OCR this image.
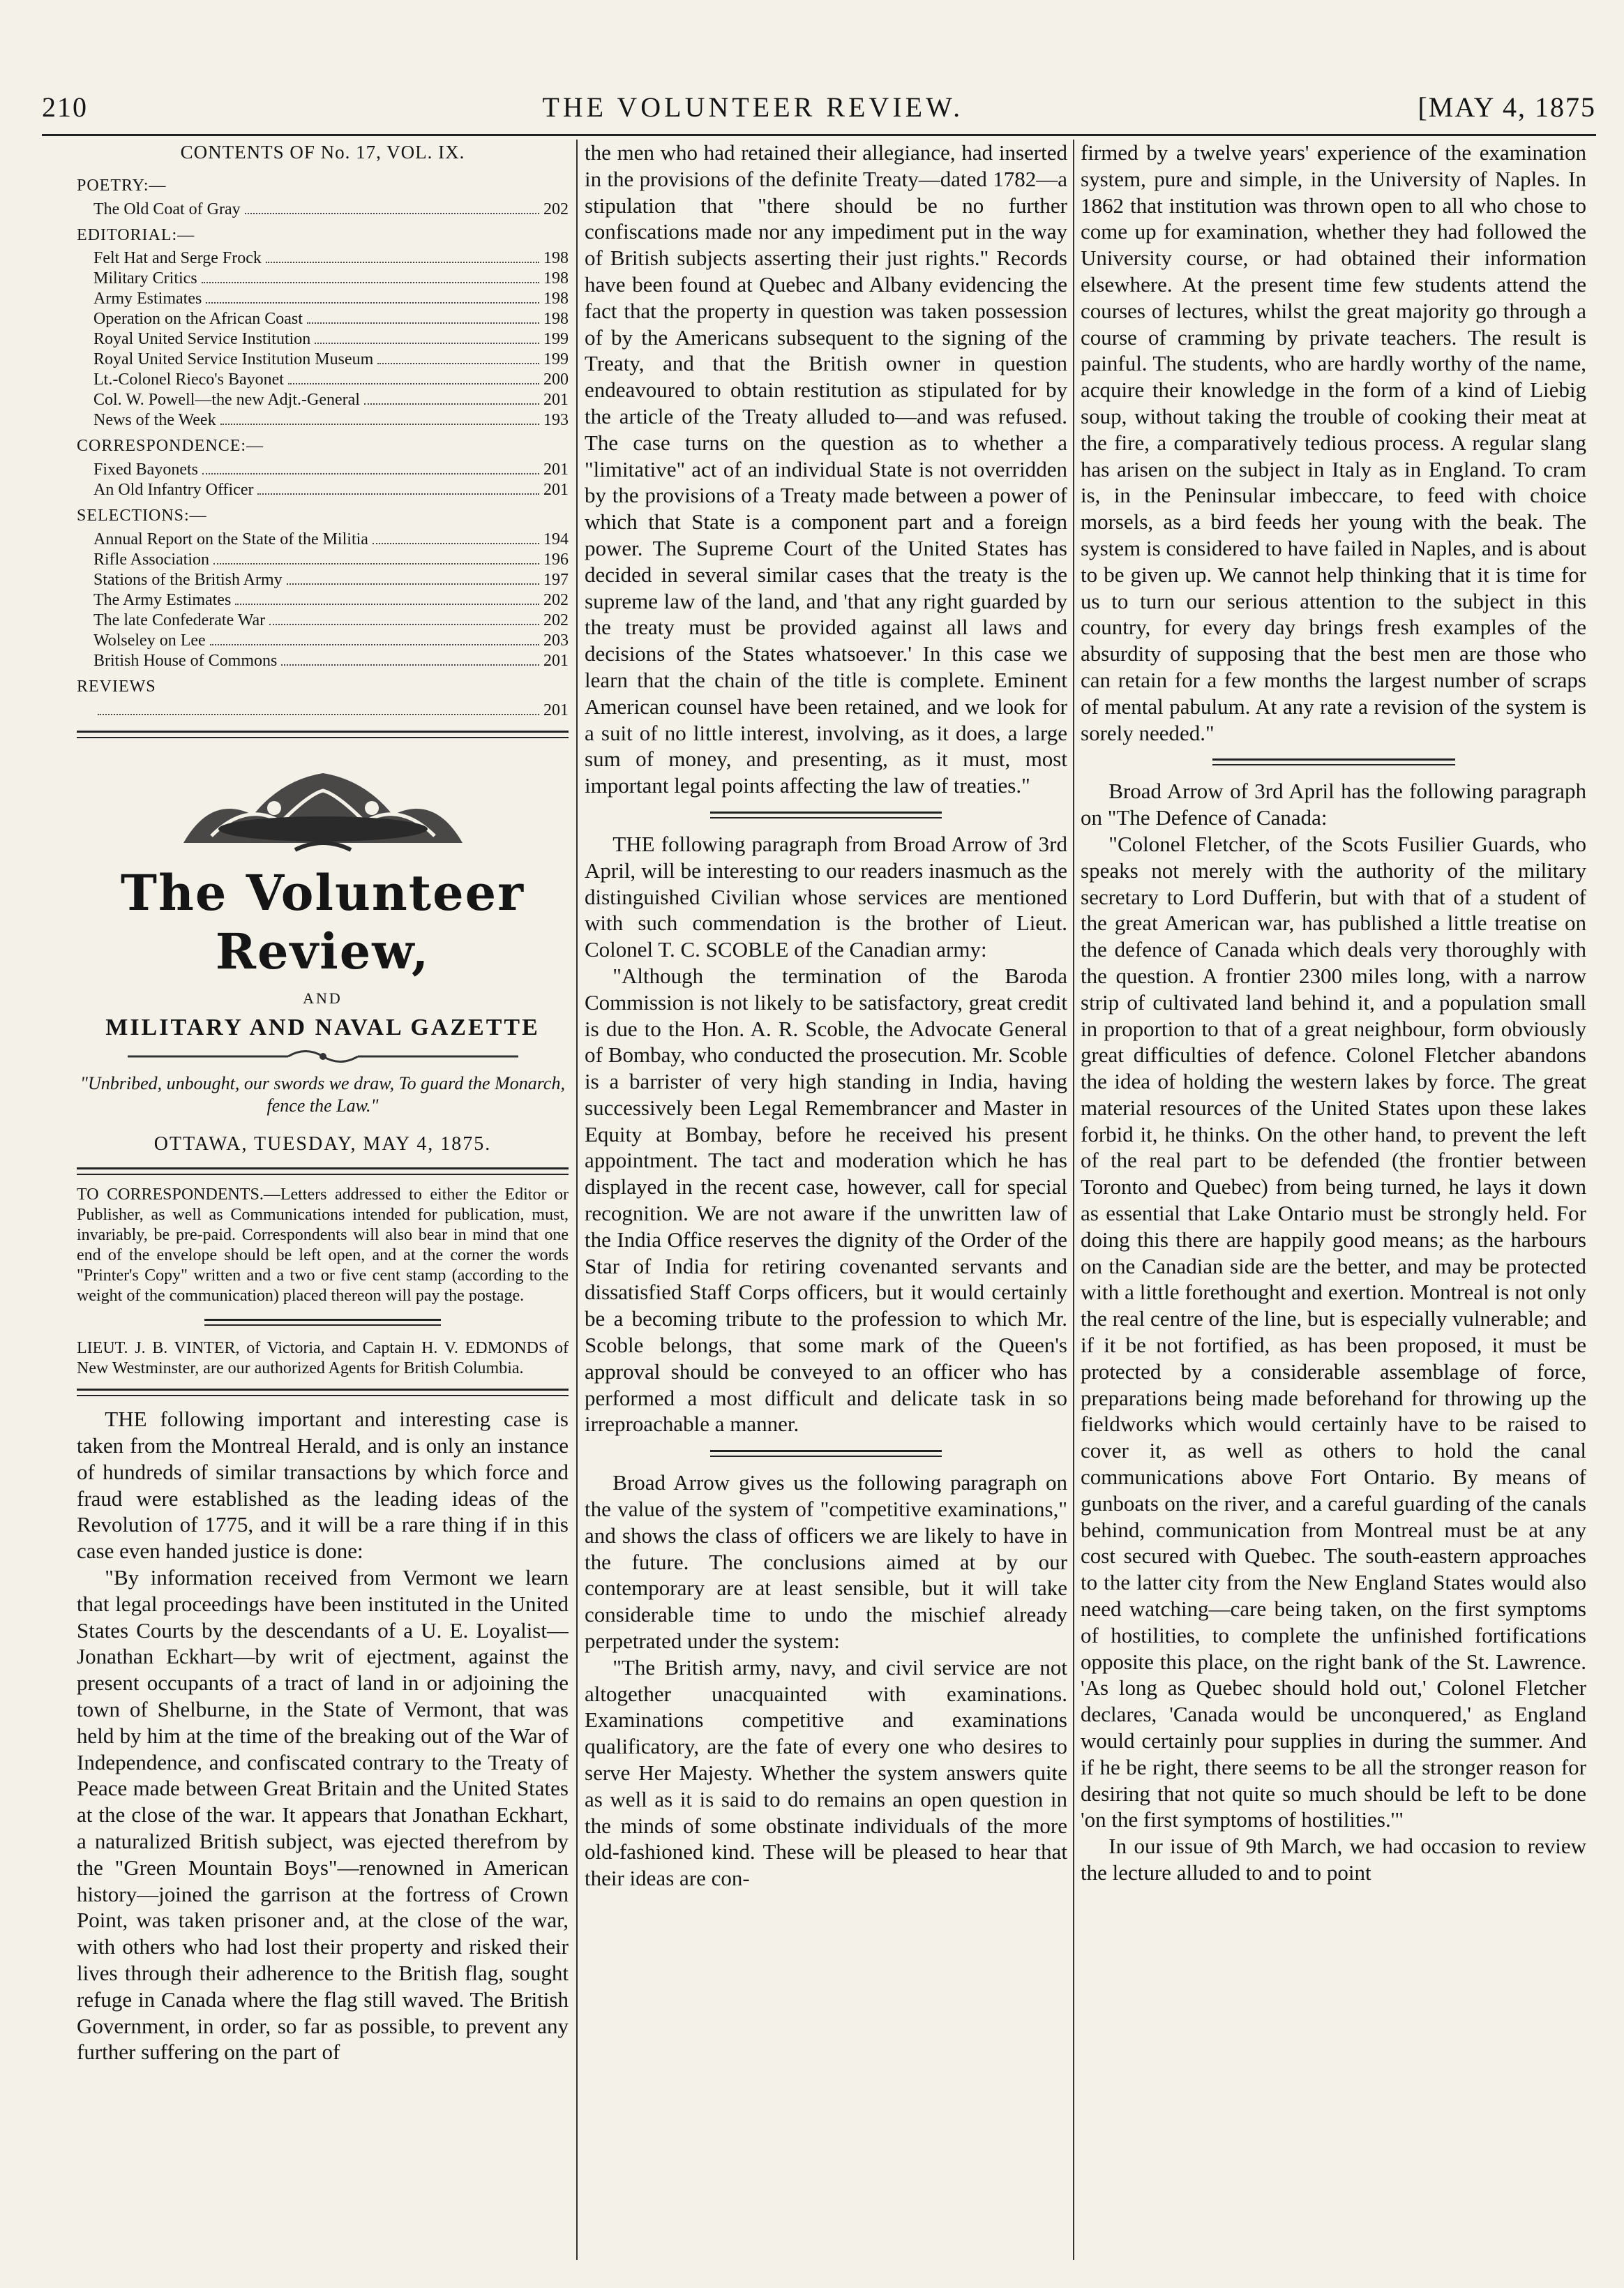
210	THE VOLUNTEER REVIEW.	[MAY 4, 1875
CONTENTS OF No. 17, VOL. IX.
POETRY:—
The Old Coat of Gray	202
EDITORIAL:—
Felt Hat and Serge Frock	198
Military Critics	198
Army Estimates	198
Operation on the African Coast	198
Royal United Service Institution	199
Royal United Service Institution Museum	199
Lt.-Colonel Rieco's Bayonet	200
Col. W. Powell—the new Adjt.-General	201
News of the Week	193
CORRESPONDENCE:—
Fixed Bayonets	201
An Old Infantry Officer	201
SELECTIONS:—
Annual Report on the State of the Militia	194
Rifle Association	196
Stations of the British Army	197
The Army Estimates	202
The late Confederate War	202
Wolseley on Lee	203
British House of Commons	201
REVIEWS
201
The Volunteer Review,
AND
MILITARY AND NAVAL GAZETTE
"Unbribed, unbought, our swords we draw, To guard the Monarch, fence the Law."
OTTAWA, TUESDAY, MAY 4, 1875.

TO CORRESPONDENTS.—Letters addressed to either the Editor or Publisher, as well as Communications intended for publication, must, invariably, be pre-paid. Correspondents will also bear in mind that one end of the envelope should be left open, and at the corner the words "Printer's Copy" written and a two or five cent stamp (according to the weight of the communication) placed thereon will pay the postage.

LIEUT. J. B. VINTER, of Victoria, and Captain H. V. EDMONDS of New Westminster, are our authorized Agents for British Columbia.

THE following important and interesting case is taken from the Montreal Herald, and is only an instance of hundreds of similar transactions by which force and fraud were established as the leading ideas of the Revolution of 1775, and it will be a rare thing if in this case even handed justice is done:

"By information received from Vermont we learn that legal proceedings have been instituted in the United States Courts by the descendants of a U. E. Loyalist—Jonathan Eckhart—by writ of ejectment, against the present occupants of a tract of land in or adjoining the town of Shelburne, in the State of Vermont, that was held by him at the time of the breaking out of the War of Independence, and confiscated contrary to the Treaty of Peace made between Great Britain and the United States at the close of the war. It appears that Jonathan Eckhart, a naturalized British subject, was ejected therefrom by the "Green Mountain Boys"—renowned in American history—joined the garrison at the fortress of Crown Point, was taken prisoner and, at the close of the war, with others who had lost their property and risked their lives through their adherence to the British flag, sought refuge in Canada where the flag still waved. The British Government, in order, so far as possible, to prevent any further suffering on the part of

the men who had retained their allegiance, had inserted in the provisions of the definite Treaty—dated 1782—a stipulation that "there should be no further confiscations made nor any impediment put in the way of British subjects asserting their just rights." Records have been found at Quebec and Albany evidencing the fact that the property in question was taken possession of by the Americans subsequent to the signing of the Treaty, and that the British owner in question endeavoured to obtain restitution as stipulated for by the article of the Treaty alluded to—and was refused. The case turns on the question as to whether a "limitative" act of an individual State is not overridden by the provisions of a Treaty made between a power of which that State is a component part and a foreign power. The Supreme Court of the United States has decided in several similar cases that the treaty is the supreme law of the land, and 'that any right guarded by the treaty must be provided against all laws and decisions of the States whatsoever.' In this case we learn that the chain of the title is complete. Eminent American counsel have been retained, and we look for a suit of no little interest, involving, as it does, a large sum of money, and presenting, as it must, most important legal points affecting the law of treaties."

THE following paragraph from Broad Arrow of 3rd April, will be interesting to our readers inasmuch as the distinguished Civilian whose services are mentioned with such commendation is the brother of Lieut. Colonel T. C. SCOBLE of the Canadian army:

"Although the termination of the Baroda Commission is not likely to be satisfactory, great credit is due to the Hon. A. R. Scoble, the Advocate General of Bombay, who conducted the prosecution. Mr. Scoble is a barrister of very high standing in India, having successively been Legal Remembrancer and Master in Equity at Bombay, before he received his present appointment. The tact and moderation which he has displayed in the recent case, however, call for special recognition. We are not aware if the unwritten law of the India Office reserves the dignity of the Order of the Star of India for retiring covenanted servants and dissatisfied Staff Corps officers, but it would certainly be a becoming tribute to the profession to which Mr. Scoble belongs, that some mark of the Queen's approval should be conveyed to an officer who has performed a most difficult and delicate task in so irreproachable a manner.

Broad Arrow gives us the following paragraph on the value of the system of "competitive examinations," and shows the class of officers we are likely to have in the future. The conclusions aimed at by our contemporary are at least sensible, but it will take considerable time to undo the mischief already perpetrated under the system:

"The British army, navy, and civil service are not altogether unacquainted with examinations. Examinations competitive and examinations qualificatory, are the fate of every one who desires to serve Her Majesty. Whether the system answers quite as well as it is said to do remains an open question in the minds of some obstinate individuals of the more old-fashioned kind. These will be pleased to hear that their ideas are con-

firmed by a twelve years' experience of the examination system, pure and simple, in the University of Naples. In 1862 that institution was thrown open to all who chose to come up for examination, whether they had followed the University course, or had obtained their information elsewhere. At the present time few students attend the courses of lectures, whilst the great majority go through a course of cramming by private teachers. The result is painful. The students, who are hardly worthy of the name, acquire their knowledge in the form of a kind of Liebig soup, without taking the trouble of cooking their meat at the fire, a comparatively tedious process. A regular slang has arisen on the subject in Italy as in England. To cram is, in the Peninsular imbeccare, to feed with choice morsels, as a bird feeds her young with the beak. The system is considered to have failed in Naples, and is about to be given up. We cannot help thinking that it is time for us to turn our serious attention to the subject in this country, for every day brings fresh examples of the absurdity of supposing that the best men are those who can retain for a few months the largest number of scraps of mental pabulum. At any rate a revision of the system is sorely needed."

Broad Arrow of 3rd April has the following paragraph on "The Defence of Canada:

"Colonel Fletcher, of the Scots Fusilier Guards, who speaks not merely with the authority of the military secretary to Lord Dufferin, but with that of a student of the great American war, has published a little treatise on the defence of Canada which deals very thoroughly with the question. A frontier 2300 miles long, with a narrow strip of cultivated land behind it, and a population small in proportion to that of a great neighbour, form obviously great difficulties of defence. Colonel Fletcher abandons the idea of holding the western lakes by force. The great material resources of the United States upon these lakes forbid it, he thinks. On the other hand, to prevent the left of the real part to be defended (the frontier between Toronto and Quebec) from being turned, he lays it down as essential that Lake Ontario must be strongly held. For doing this there are happily good means; as the harbours on the Canadian side are the better, and may be protected with a little forethought and exertion. Montreal is not only the real centre of the line, but is especially vulnerable; and if it be not fortified, as has been proposed, it must be protected by a considerable assemblage of force, preparations being made beforehand for throwing up the fieldworks which would certainly have to be raised to cover it, as well as others to hold the canal communications above Fort Ontario. By means of gunboats on the river, and a careful guarding of the canals behind, communication from Montreal must be at any cost secured with Quebec. The south-eastern approaches to the latter city from the New England States would also need watching—care being taken, on the first symptoms of hostilities, to complete the unfinished fortifications opposite this place, on the right bank of the St. Lawrence. 'As long as Quebec should hold out,' Colonel Fletcher declares, 'Canada would be unconquered,' as England would certainly pour supplies in during the summer. And if he be right, there seems to be all the stronger reason for desiring that not quite so much should be left to be done 'on the first symptoms of hostilities.'"

In our issue of 9th March, we had occasion to review the lecture alluded to and to point
